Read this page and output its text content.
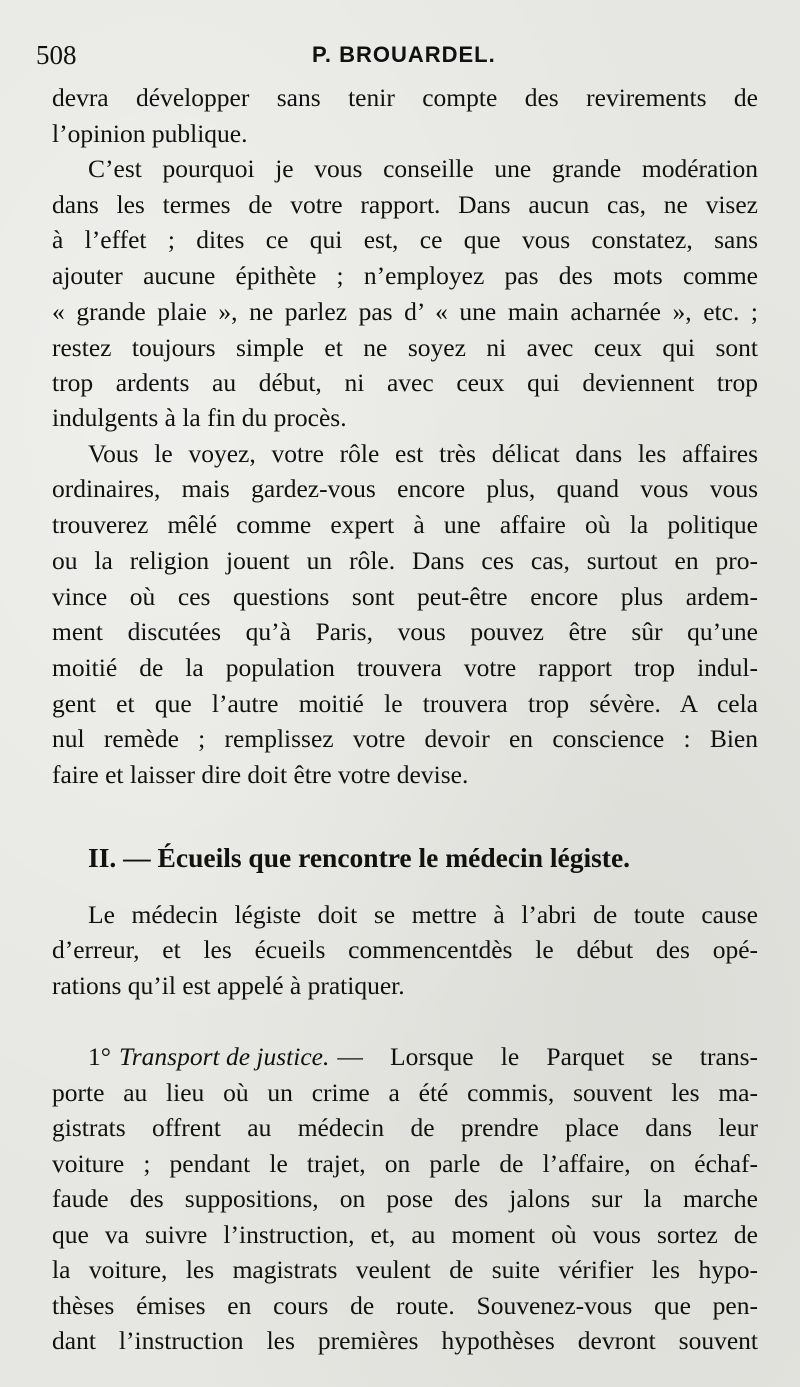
508	P. BROUARDEL.
devra développer sans tenir compte des revirements de
l’opinion publique.
C’est pourquoi je vous conseille une grande modération
dans les termes de votre rapport. Dans aucun cas, ne visez
à l’effet ; dites ce qui est, ce que vous constatez, sans
ajouter aucune épithète ; n’employez pas des mots comme
« grande plaie », ne parlez pas d’ « une main acharnée », etc. ;
restez toujours simple et ne soyez ni avec ceux qui sont
trop ardents au début, ni avec ceux qui deviennent trop
indulgents à la fin du procès.
Vous le voyez, votre rôle est très délicat dans les affaires
ordinaires, mais gardez-vous encore plus, quand vous vous
trouverez mêlé comme expert à une affaire où la politique
ou la religion jouent un rôle. Dans ces cas, surtout en pro-
vince où ces questions sont peut-être encore plus ardem-
ment discutées qu’à Paris, vous pouvez être sûr qu’une
moitié de la population trouvera votre rapport trop indul-
gent et que l’autre moitié le trouvera trop sévère. A cela
nul remède ; remplissez votre devoir en conscience : Bien
faire et laisser dire doit être votre devise.
II. — Écueils que rencontre le médecin légiste.
Le médecin légiste doit se mettre à l’abri de toute cause
d’erreur, et les écueils commencentdès le début des opé-
rations qu’il est appelé à pratiquer.
1° Transport de justice. — Lorsque le Parquet se trans-
porte au lieu où un crime a été commis, souvent les ma-
gistrats offrent au médecin de prendre place dans leur
voiture ; pendant le trajet, on parle de l’affaire, on échaf-
faude des suppositions, on pose des jalons sur la marche
que va suivre l’instruction, et, au moment où vous sortez de
la voiture, les magistrats veulent de suite vérifier les hypo-
thèses émises en cours de route. Souvenez-vous que pen-
dant l’instruction les premières hypothèses devront souvent
